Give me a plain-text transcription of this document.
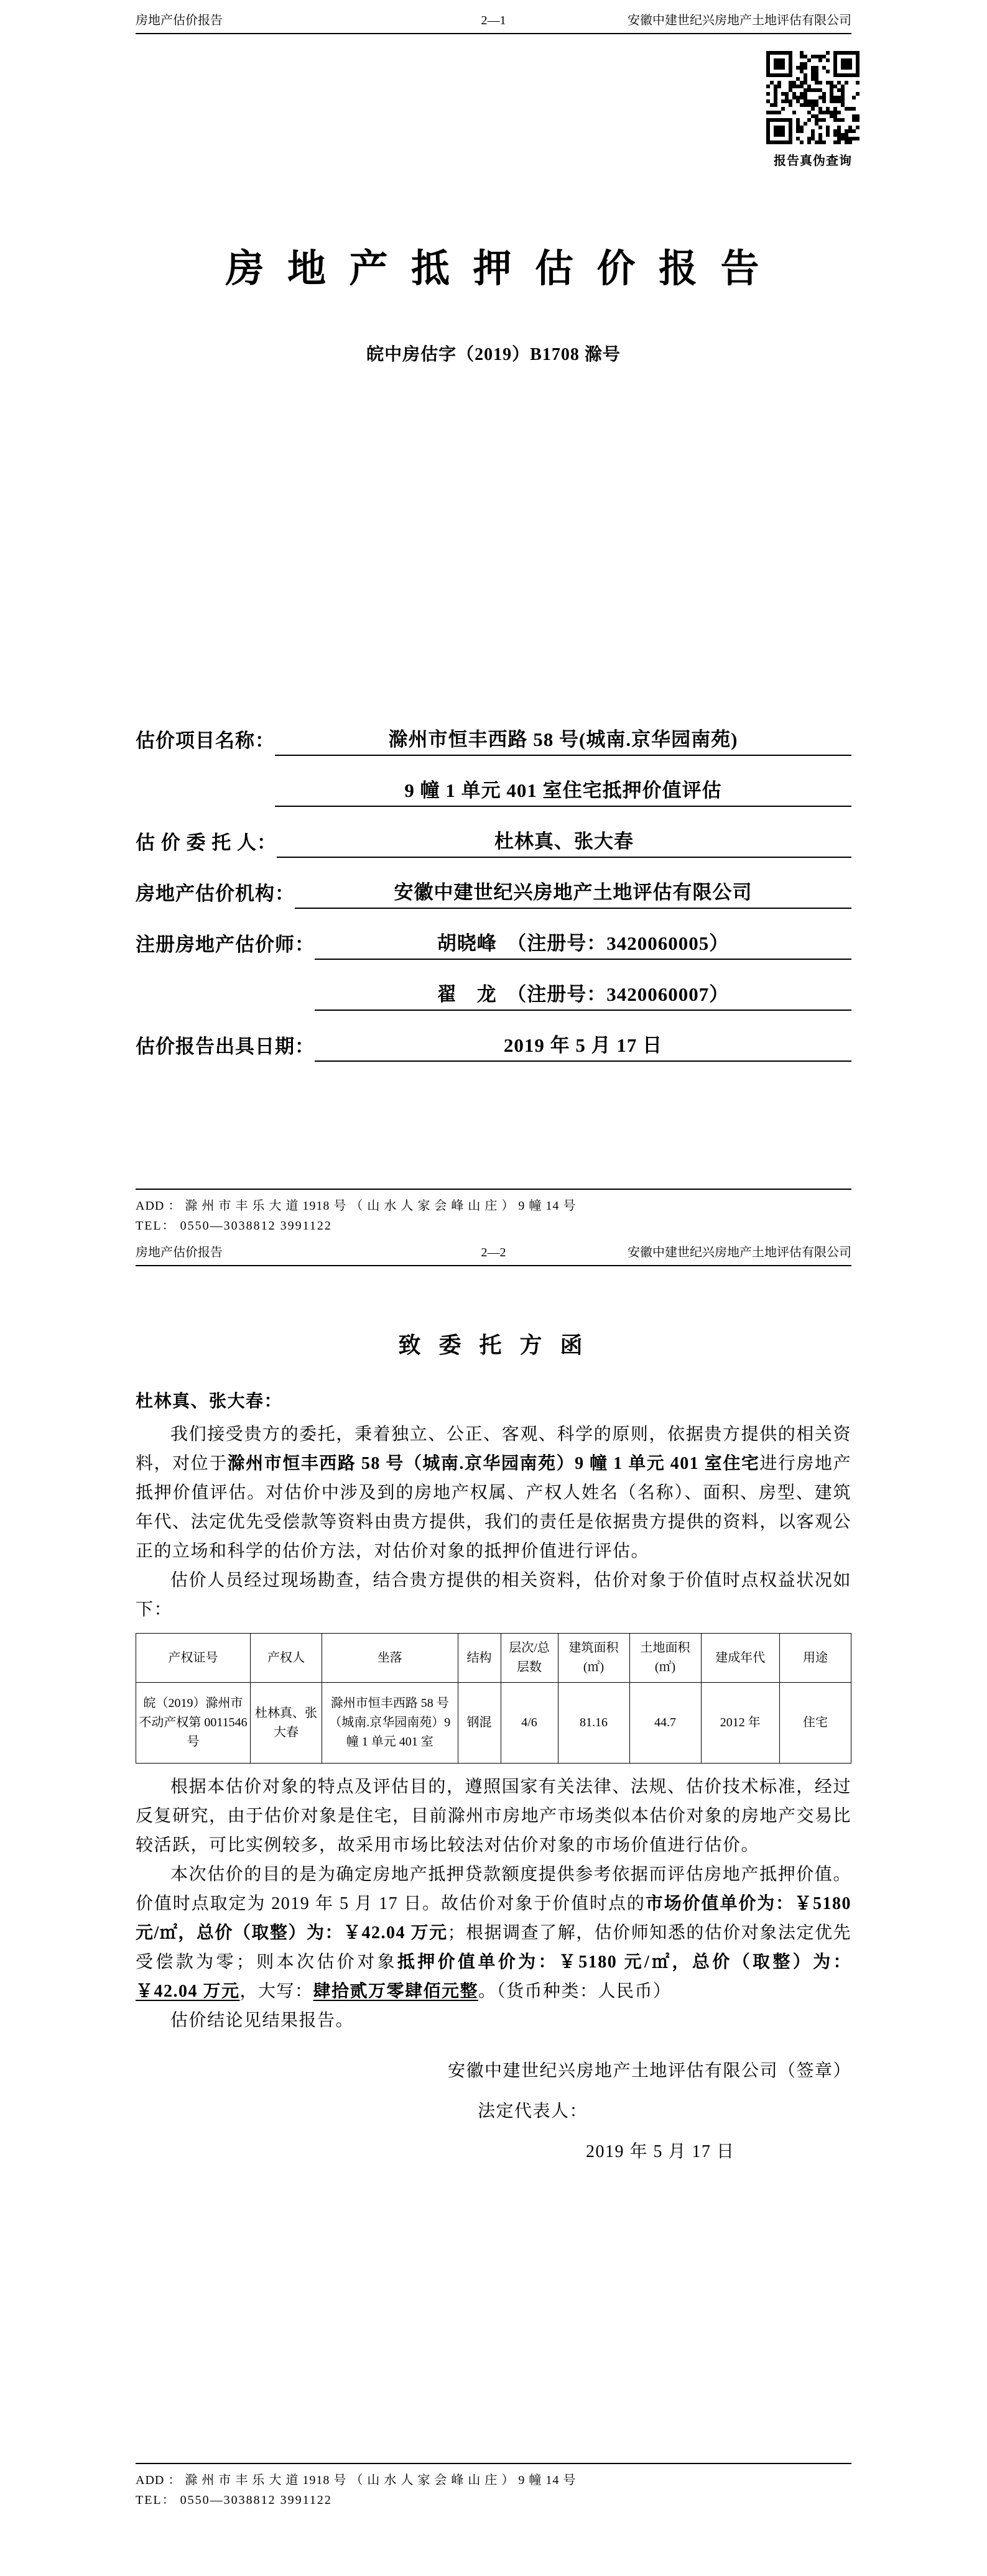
房地产估价报告	2—1	安徽中建世纪兴房地产土地评估有限公司
报告真伪查询
房 地 产 抵 押 估 价 报 告
皖中房估字（2019）B1708 滁号
估价项目名称：	滁州市恒丰西路 58 号(城南.京华园南苑)
9 幢 1 单元 401 室住宅抵押价值评估
估 价 委 托 人：	杜林真、张大春
房地产估价机构：	安徽中建世纪兴房地产土地评估有限公司
注册房地产估价师：	胡晓峰　（注册号：3420060005）
翟　龙　（注册号：3420060007）
估价报告出具日期：	2019 年 5 月 17 日
ADD ： 滁 州 市 丰 乐 大 道 1918 号 （ 山 水 人 家 会 峰 山 庄 ） 9 幢 14 号
TEL： 0550—3038812 3991122
房地产估价报告	2—2	安徽中建世纪兴房地产土地评估有限公司
致 委 托 方 函
杜林真、张大春：

我们接受贵方的委托，秉着独立、公正、客观、科学的原则，依据贵方提供的相关资料，对位于滁州市恒丰西路 58 号（城南.京华园南苑）9 幢 1 单元 401 室住宅进行房地产抵押价值评估。对估价中涉及到的房地产权属、产权人姓名（名称）、面积、房型、建筑年代、法定优先受偿款等资料由贵方提供，我们的责任是依据贵方提供的资料，以客观公正的立场和科学的估价方法，对估价对象的抵押价值进行评估。

估价人员经过现场勘查，结合贵方提供的相关资料，估价对象于价值时点权益状况如下：

产权证号	产权人	坐落	结构	层次/总层数	建筑面积(㎡)	土地面积(㎡)	建成年代	用途
皖（2019）滁州市不动产权第 0011546 号	杜林真、张大春	滁州市恒丰西路 58 号（城南.京华园南苑）9 幢 1 单元 401 室	钢混	4/6	81.16	44.7	2012 年	住宅

根据本估价对象的特点及评估目的，遵照国家有关法律、法规、估价技术标准，经过反复研究，由于估价对象是住宅，目前滁州市房地产市场类似本估价对象的房地产交易比较活跃，可比实例较多，故采用市场比较法对估价对象的市场价值进行估价。

本次估价的目的是为确定房地产抵押贷款额度提供参考依据而评估房地产抵押价值。价值时点取定为 2019 年 5 月 17 日。故估价对象于价值时点的市场价值单价为：￥5180 元/㎡，总价（取整）为：￥42.04 万元；根据调查了解，估价师知悉的估价对象法定优先受偿款为零；则本次估价对象抵押价值单价为：￥5180 元/㎡，总价（取整）为：￥42.04 万元，大写：肆拾贰万零肆佰元整。（货币种类：人民币）

估价结论见结果报告。

安徽中建世纪兴房地产土地评估有限公司（签章）
法定代表人：
2019 年 5 月 17 日
ADD ： 滁 州 市 丰 乐 大 道 1918 号 （ 山 水 人 家 会 峰 山 庄 ） 9 幢 14 号
TEL： 0550—3038812 3991122
